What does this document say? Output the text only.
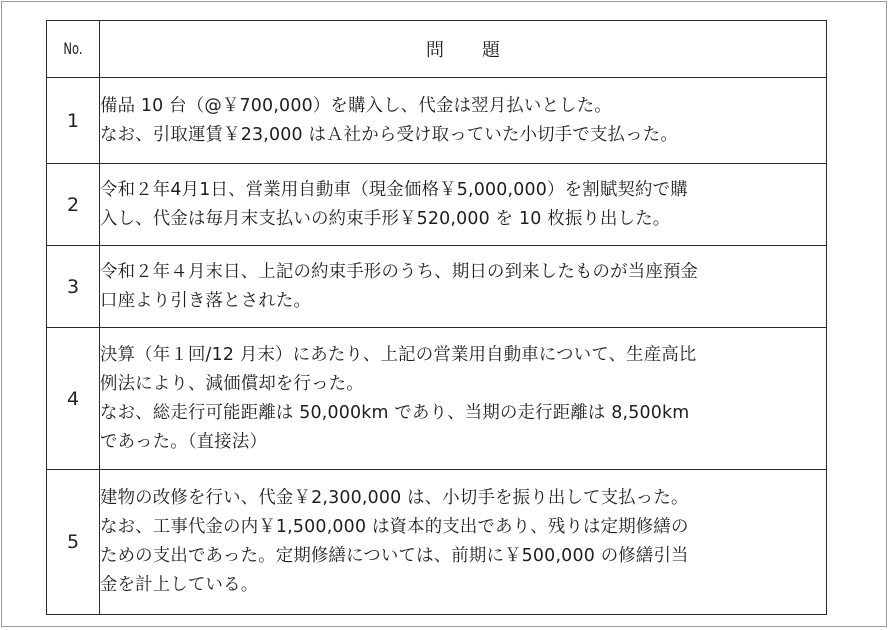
No.	問題
1	備品 10 台（@￥700,000）を購入し、代金は翌月払いとした。
なお、引取運賃￥23,000 はＡ社から受け取っていた小切手で支払った。

2	令和２年4月1日、営業用自動車（現金価格￥5,000,000）を割賦契約で購
入し、代金は毎月末支払いの約束手形￥520,000 を 10 枚振り出した。

3	令和２年４月末日、上記の約束手形のうち、期日の到来したものが当座預金
口座より引き落とされた。

4	決算（年１回/12 月末）にあたり、上記の営業用自動車について、生産高比
例法により、減価償却を行った。
なお、総走行可能距離は 50,000km であり、当期の走行距離は 8,500km
であった。（直接法）

5	建物の改修を行い、代金￥2,300,000 は、小切手を振り出して支払った。
なお、工事代金の内￥1,500,000 は資本的支出であり、残りは定期修繕の
ための支出であった。定期修繕については、前期に￥500,000 の修繕引当
金を計上している。
